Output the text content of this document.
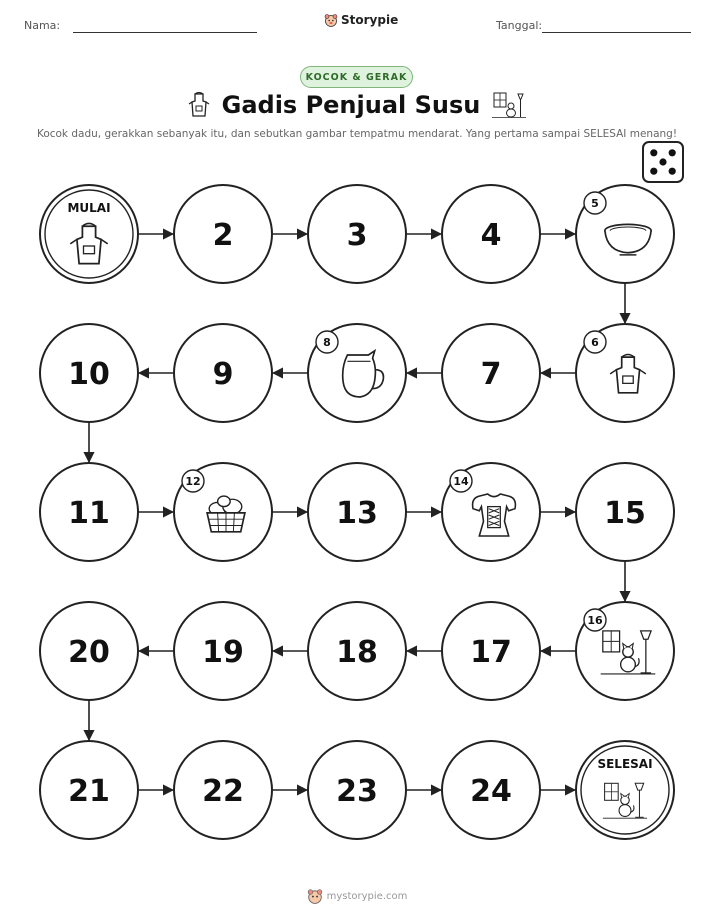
Nama:	Storypie	Tanggal:
KOCOK & GERAK
Gadis Penjual Susu
Kocok dadu, gerakkan sebanyak itu, dan sebutkan gambar tempatmu mendarat. Yang pertama sampai SELESAI menang!
MULAI
2	3	4
5
6
7
8
9
10
11
12
13
14
15
16
17
18
19
20
21	22	23	24
SELESAI
mystorypie.com
